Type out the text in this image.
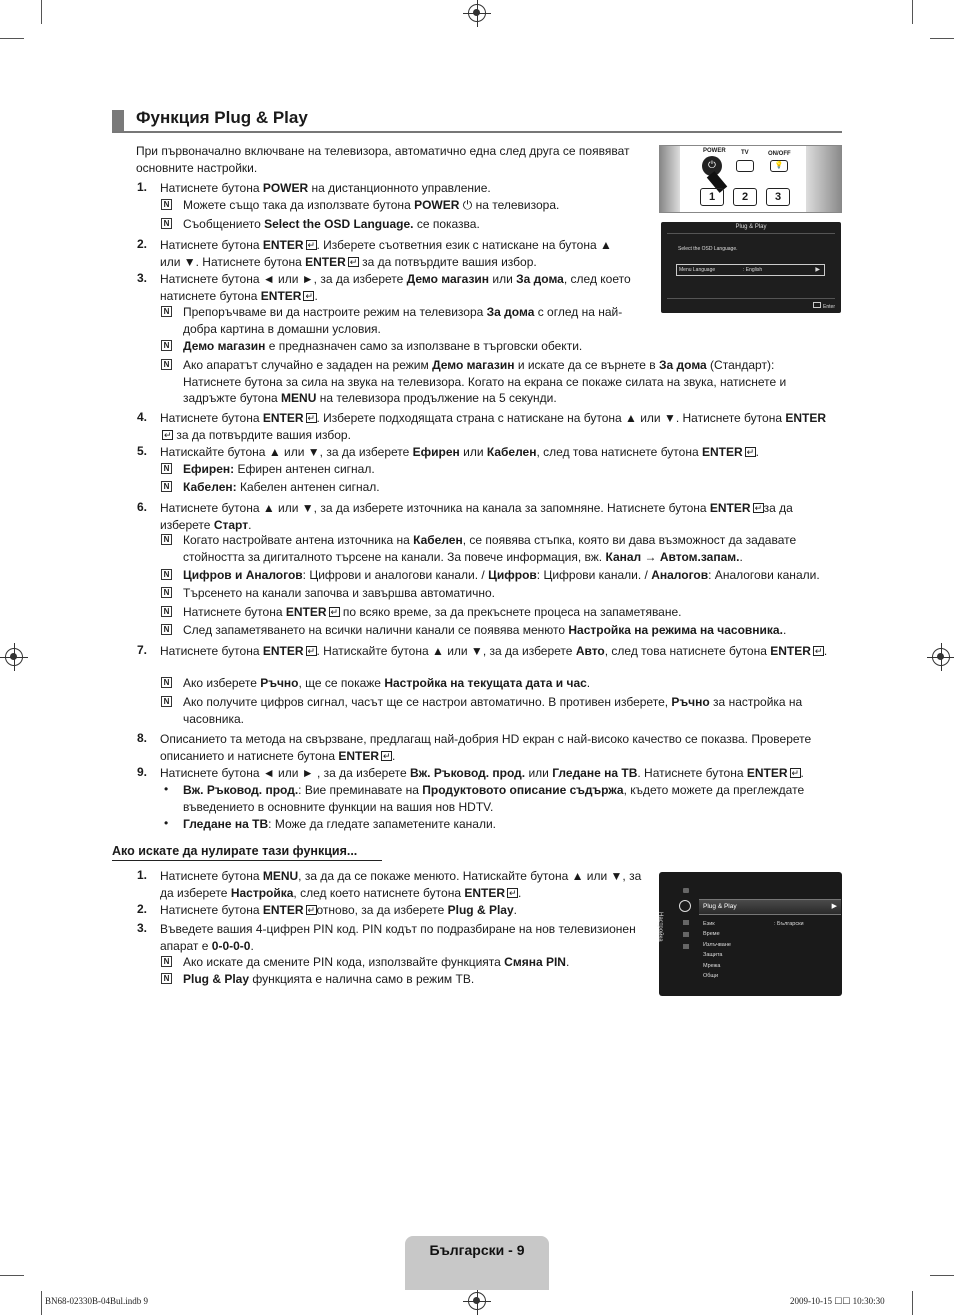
Функция Plug & Play
При първоначално включване на телевизора, автоматично една след друга се появяват основните настройки.
1. Натиснете бутона POWER на дистанционното управление.
N Можете също така да използвате бутона POWER ⏻ на телевизора.
N Съобщението Select the OSD Language. се показва.
2. Натиснете бутона ENTER ↵ . Изберете съответния език с натискане на бутона ▲ или ▼. Натиснете бутона ENTER↵ за да потвърдите вашия избор.
3. Натиснете бутона ◄ или ►, за да изберете Демо магазин или За дома, след което натиснете бутона ENTER ↵ .
N Препоръчваме ви да настроите режим на телевизора За дома с оглед на най-добра картина в домашни условия.
N Демо магазин е предназначен само за използване в търговски обекти.
N Ако апаратът случайно е зададен на режим Демо магазин и искате да се върнете в За дома (Стандарт): Натиснете бутона за сила на звука на телевизора. Когато на екрана се покаже силата на звука, натиснете и задръжте бутона MENU на телевизора продължение на 5 секунди.
4. Натиснете бутона ENTER ↵ . Изберете подходящата страна с натискане на бутона ▲ или ▼. Натиснете бутона ENTER↵ за да потвърдите вашия избор.
5. Натискайте бутона ▲ или ▼, за да изберете Ефирен или Кабелен, след това натиснете бутона ENTER ↵ .
N Ефирен: Ефирен антенен сигнал.
N Кабелен: Кабелен антенен сигнал.
6. Натиснете бутона ▲ или ▼, за да изберете източника на канала за запомняне. Натиснете бутона ENTER ↵ за да изберете Старт.
N Когато настройвате антена източника на Кабелен, се появява стъпка, която ви дава възможност да задавате стойността за дигиталното търсене на канали. За повече информация, вж. Канал → Автом.запам..
N Цифров и Аналогов: Цифрови и аналогови канали. / Цифров: Цифрови канали. / Аналогов: Аналогови канали.
N Търсенето на канали започва и завършва автоматично.
N Натиснете бутона ENTER↵ по всяко време, за да прекъснете процеса на запаметяване.
N След запаметяването на всички налични канали се появява менюто Настройка на режима на часовника..
7. Натиснете бутона ENTER ↵ . Натискайте бутона ▲ или ▼, за да изберете Авто, след това натиснете бутона ENTER ↵ .
N Ако изберете Ръчно, ще се покаже Настройка на текущата дата и час.
N Ако получите цифров сигнал, часът ще се настрои автоматично. В противен изберете, Ръчно за настройка на часовника.
8. Описанието та метода на свързване, предлагащ най-добрия HD екран с най-високо качество се показва. Проверете описанието и натиснете бутона ENTER ↵ .
9. Натиснете бутона ◄ или ► , за да изберете Вж. Ръковод. прод. или Гледане на ТВ. Натиснете бутона ENTER ↵ .
• Вж. Ръковод. прод.: Вие преминавате на Продуктовото описание съдържа, където можете да преглеждате въведението в основните функции на вашия нов HDTV.
• Гледане на ТВ: Може да гледате запаметените канали.
Ако искате да нулирате тази функция...
1. Натиснете бутона MENU, за да да се покаже менюто. Натискайте бутона ▲ или ▼, за да изберете Настройка, след което натиснете бутона ENTER ↵ .
2. Натиснете бутона ENTER ↵ отново, за да изберете Plug & Play.
3. Въведете вашия 4-цифрен PIN код. PIN кодът по подразбиране на нов телевизионен апарат е 0-0-0-0.
N Ако искате да смените PIN кода, използвайте функцията Смяна PIN.
N Plug & Play функцията е налична само в режим ТВ.
POWER
⏻
TV	ON/OFF
💡
1	2	3
Plug & Play
Select the OSD Language.
Menu Language	: English	▶
Enter
Настройка
Plug & Play	▶
Език	: Български
Време
Излъчване
Защита
Мрежа
Общи
Български - 9
BN68-02330B-04Bul.indb 9	2009-10-15 ☐☐ 10:30:30
